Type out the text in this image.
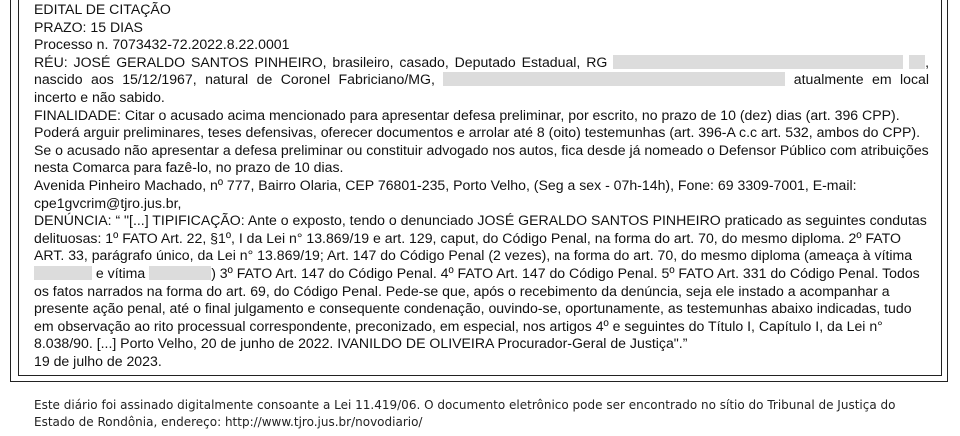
EDITAL DE CITAÇÃO

PRAZO: 15 DIAS

Processo n. 7073432-72.2022.8.22.0001

RÉU: JOSÉ GERALDO SANTOS PINHEIRO, brasileiro, casado, Deputado Estadual, RG	, nascido aos 15/12/1967, natural de Coronel Fabriciano/MG,	atualmente em local incerto e não sabido.

FINALIDADE: Citar o acusado acima mencionado para apresentar defesa preliminar, por escrito, no prazo de 10 (dez) dias (art. 396 CPP). Poderá arguir preliminares, teses defensivas, oferecer documentos e arrolar até 8 (oito) testemunhas (art. 396-A c.c art. 532, ambos do CPP). Se o acusado não apresentar a defesa preliminar ou constituir advogado nos autos, fica desde já nomeado o Defensor Público com atribuições nesta Comarca para fazê-lo, no prazo de 10 dias.

Avenida Pinheiro Machado, nº 777, Bairro Olaria, CEP 76801-235, Porto Velho, (Seg a sex - 07h-14h), Fone: 69 3309-7001, E-mail: cpe1gvcrim@tjro.jus.br,

DENÚNCIA: “ "[...] TIPIFICAÇÃO: Ante o exposto, tendo o denunciado JOSÉ GERALDO SANTOS PINHEIRO praticado as seguintes condutas delituosas: 1º FATO Art. 22, §1º, I da Lei n° 13.869/19 e art. 129, caput, do Código Penal, na forma do art. 70, do mesmo diploma. 2º FATO ART. 33, parágrafo único, da Lei n° 13.869/19; Art. 147 do Código Penal (2 vezes), na forma do art. 70, do mesmo diploma (ameaça à vítima  e vítima	) 3º FATO Art. 147 do Código Penal. 4º FATO Art. 147 do Código Penal. 5º FATO Art. 331 do Código Penal. Todos os fatos narrados na forma do art. 69, do Código Penal. Pede-se que, após o recebimento da denúncia, seja ele instado a acompanhar a presente ação penal, até o final julgamento e consequente condenação, ouvindo-se, oportunamente, as testemunhas abaixo indicadas, tudo em observação ao rito processual correspondente, preconizado, em especial, nos artigos 4º e seguintes do Título I, Capítulo I, da Lei n° 8.038/90. [...] Porto Velho, 20 de junho de 2022. IVANILDO DE OLIVEIRA Procurador-Geral de Justiça".”

19 de julho de 2023.

Este diário foi assinado digitalmente consoante a Lei 11.419/06. O documento eletrônico pode ser encontrado no sítio do Tribunal de Justiça do Estado de Rondônia, endereço: http://www.tjro.jus.br/novodiario/
